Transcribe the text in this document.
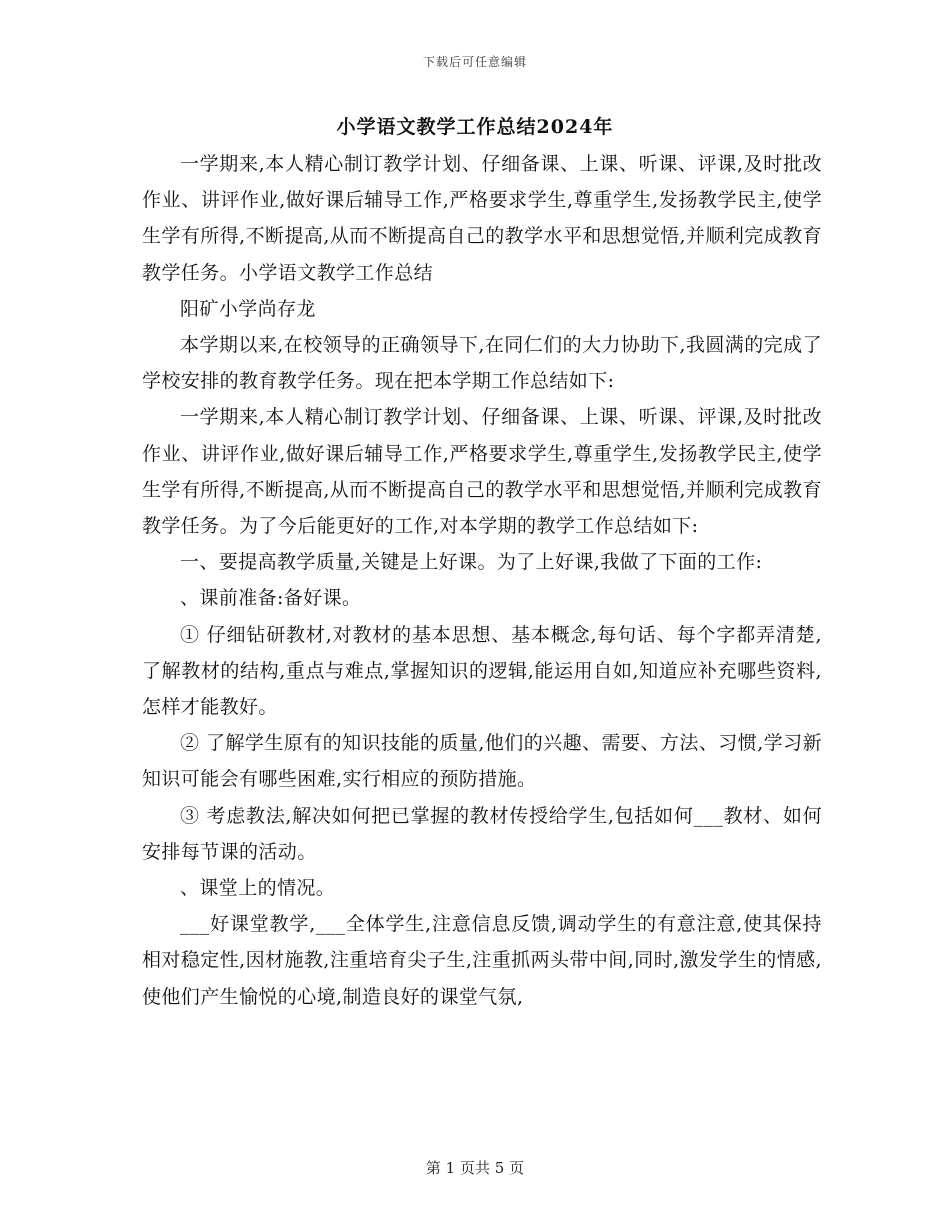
下载后可任意编辑
小学语文教学工作总结2024年

一学期来,本人精心制订教学计划、仔细备课、上课、听课、评课,及时批改作业、讲评作业,做好课后辅导工作,严格要求学生,尊重学生,发扬教学民主,使学生学有所得,不断提高,从而不断提高自己的教学水平和思想觉悟,并顺利完成教育教学任务。小学语文教学工作总结

阳矿小学尚存龙

本学期以来,在校领导的正确领导下,在同仁们的大力协助下,我圆满的完成了学校安排的教育教学任务。现在把本学期工作总结如下:

一学期来,本人精心制订教学计划、仔细备课、上课、听课、评课,及时批改作业、讲评作业,做好课后辅导工作,严格要求学生,尊重学生,发扬教学民主,使学生学有所得,不断提高,从而不断提高自己的教学水平和思想觉悟,并顺利完成教育教学任务。为了今后能更好的工作,对本学期的教学工作总结如下:

一、要提高教学质量,关键是上好课。为了上好课,我做了下面的工作:

、课前准备:备好课。

① 仔细钻研教材,对教材的基本思想、基本概念,每句话、每个字都弄清楚,了解教材的结构,重点与难点,掌握知识的逻辑,能运用自如,知道应补充哪些资料,怎样才能教好。

② 了解学生原有的知识技能的质量,他们的兴趣、需要、方法、习惯,学习新知识可能会有哪些困难,实行相应的预防措施。

③ 考虑教法,解决如何把已掌握的教材传授给学生,包括如何___教材、如何安排每节课的活动。

、课堂上的情况。

___好课堂教学,___全体学生,注意信息反馈,调动学生的有意注意,使其保持相对稳定性,因材施教,注重培育尖子生,注重抓两头带中间,同时,激发学生的情感,使他们产生愉悦的心境,制造良好的课堂气氛,

第 1 页共 5 页
